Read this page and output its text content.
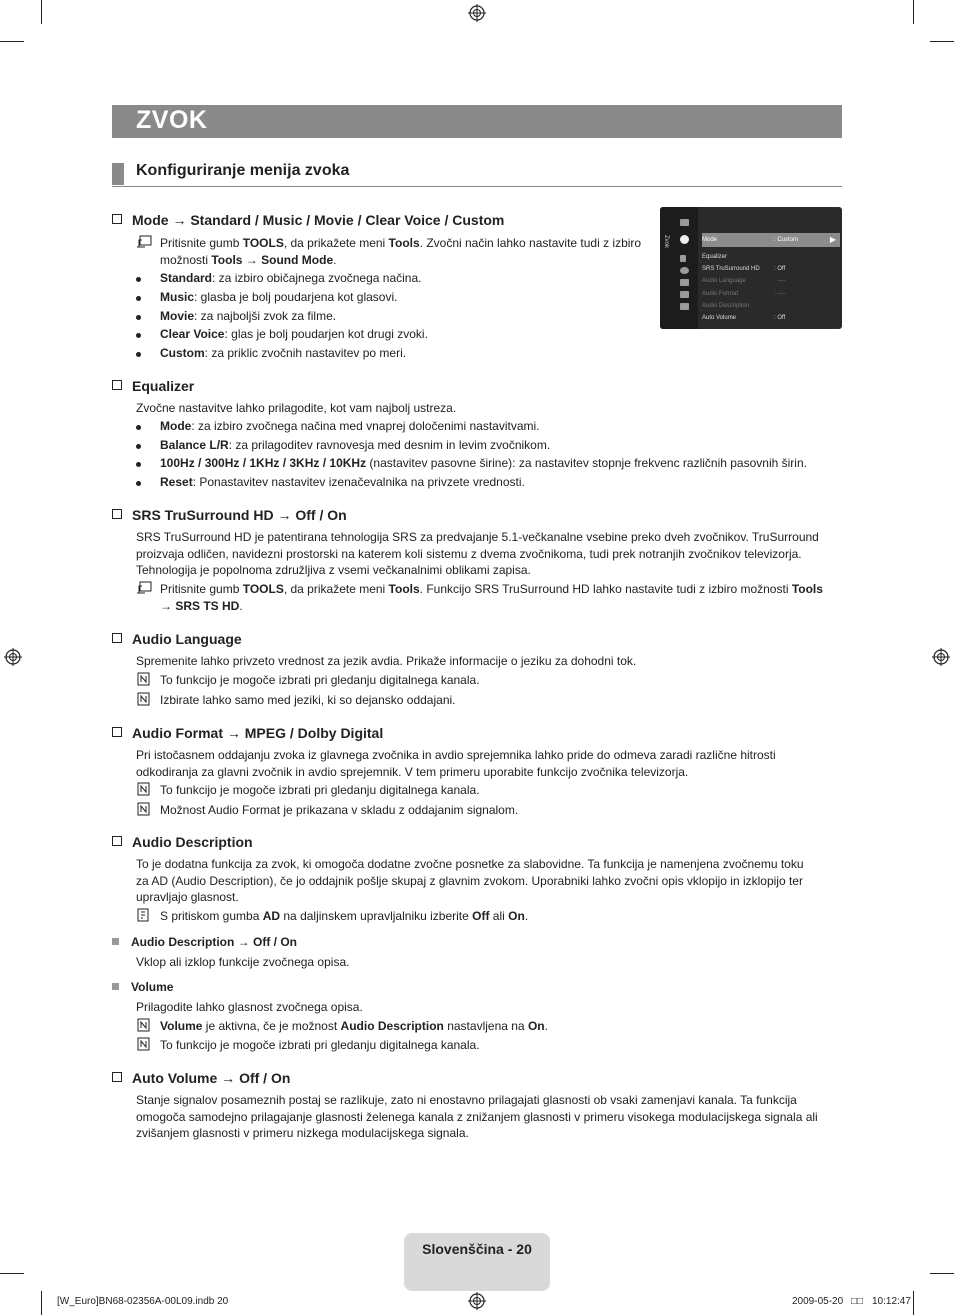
ZVOK
Konfiguriranje menija zvoka
Mode → Standard / Music / Movie / Clear Voice / Custom
Pritisnite gumb TOOLS, da prikažete meni Tools. Zvočni način lahko nastavite tudi z izbiro
možnosti Tools → Sound Mode.
Standard: za izbiro običajnega zvočnega načina.
Music: glasba je bolj poudarjena kot glasovi.
Movie: za najboljši zvok za filme.
Clear Voice: glas je bolj poudarjen kot drugi zvoki.
Custom: za priklic zvočnih nastavitev po meri.
Zvok	Mode	: Custom	▶
Equalizer
SRS TruSurround HD : Off
Audio Language	: ----
Audio Format	: ----
Audio Description
Auto Volume	: Off
Equalizer
Zvočne nastavitve lahko prilagodite, kot vam najbolj ustreza.
Mode: za izbiro zvočnega načina med vnaprej določenimi nastavitvami.
Balance L/R: za prilagoditev ravnovesja med desnim in levim zvočnikom.
100Hz / 300Hz / 1KHz / 3KHz / 10KHz (nastavitev pasovne širine): za nastavitev stopnje frekvenc različnih pasovnih širin.
Reset: Ponastavitev nastavitev izenačevalnika na privzete vrednosti.
SRS TruSurround HD → Off / On
SRS TruSurround HD je patentirana tehnologija SRS za predvajanje 5.1-večkanalne vsebine preko dveh zvočnikov. TruSurround
proizvaja odličen, navidezni prostorski na katerem koli sistemu z dvema zvočnikoma, tudi prek notranjih zvočnikov televizorja.
Tehnologija je popolnoma združljiva z vsemi večkanalnimi oblikami zapisa.
Pritisnite gumb TOOLS, da prikažete meni Tools. Funkcijo SRS TruSurround HD lahko nastavite tudi z izbiro možnosti Tools
→ SRS TS HD.
Audio Language
Spremenite lahko privzeto vrednost za jezik avdia. Prikaže informacije o jeziku za dohodni tok.
To funkcijo je mogoče izbrati pri gledanju digitalnega kanala.
Izbirate lahko samo med jeziki, ki so dejansko oddajani.
Audio Format → MPEG / Dolby Digital
Pri istočasnem oddajanju zvoka iz glavnega zvočnika in avdio sprejemnika lahko pride do odmeva zaradi različne hitrosti
odkodiranja za glavni zvočnik in avdio sprejemnik. V tem primeru uporabite funkcijo zvočnika televizorja.
To funkcijo je mogoče izbrati pri gledanju digitalnega kanala.
Možnost Audio Format je prikazana v skladu z oddajanim signalom.
Audio Description
To je dodatna funkcija za zvok, ki omogoča dodatne zvočne posnetke za slabovidne. Ta funkcija je namenjena zvočnemu toku
za AD (Audio Description), če jo oddajnik pošlje skupaj z glavnim zvokom. Uporabniki lahko zvočni opis vklopijo in izklopijo ter
upravljajo glasnost.
S pritiskom gumba AD na daljinskem upravljalniku izberite Off ali On.
Audio Description → Off / On
Vklop ali izklop funkcije zvočnega opisa.
Volume
Prilagodite lahko glasnost zvočnega opisa.
Volume je aktivna, če je možnost Audio Description nastavljena na On.
To funkcijo je mogoče izbrati pri gledanju digitalnega kanala.
Auto Volume → Off / On
Stanje signalov posameznih postaj se razlikuje, zato ni enostavno prilagajati glasnosti ob vsaki zamenjavi kanala. Ta funkcija
omogoča samodejno prilagajanje glasnosti želenega kanala z znižanjem glasnosti v primeru visokega modulacijskega signala ali
zvišanjem glasnosti v primeru nizkega modulacijskega signala.
Slovenščina - 20
[W_Euro]BN68-02356A-00L09.indb 20	2009-05-20 □□ 10:12:47
